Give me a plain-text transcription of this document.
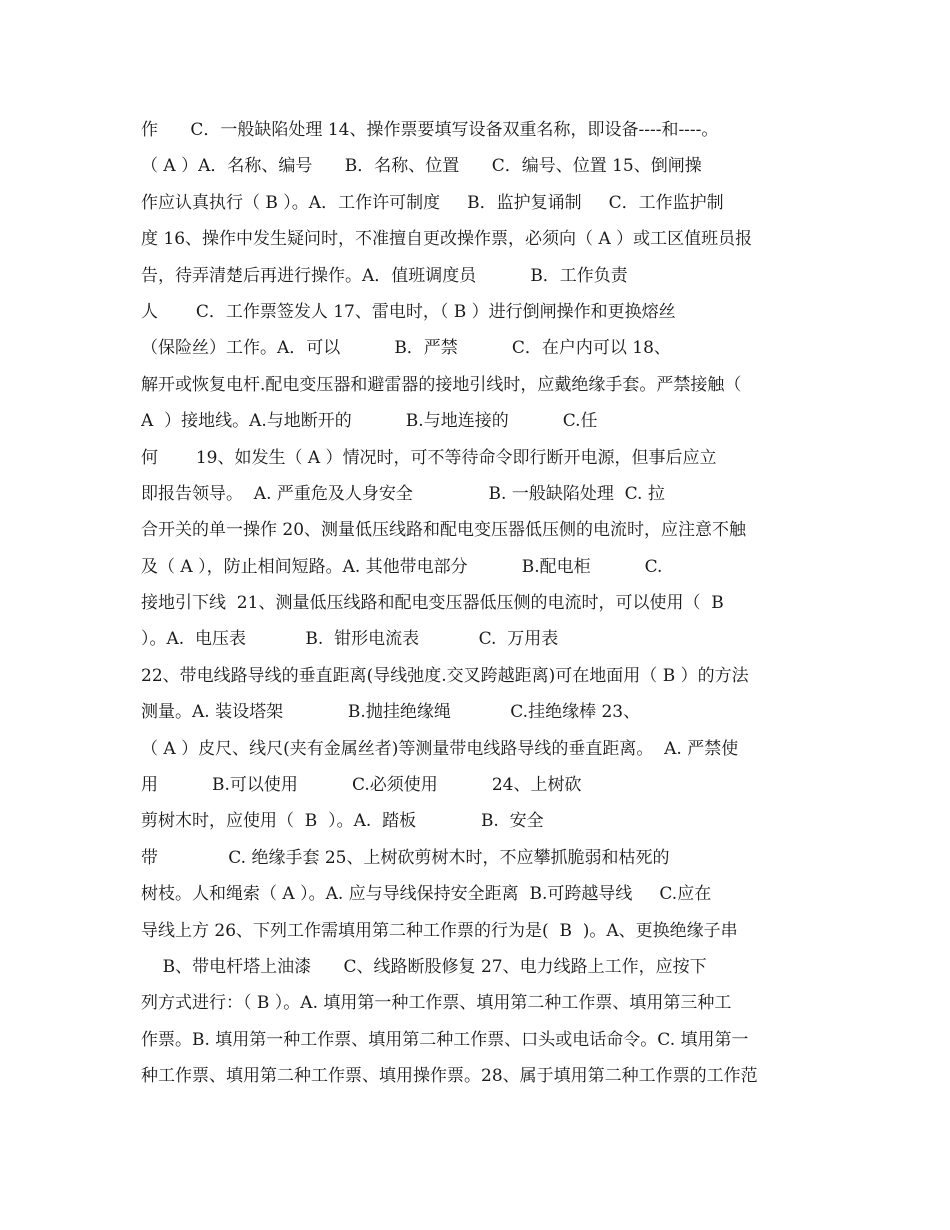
作      C．一般缺陷处理 14、操作票要填写设备双重名称，即设备----和----。
（ A ）A．名称、编号      B．名称、位置      C．编号、位置 15、倒闸操
作应认真执行（ B ）。A．工作许可制度     B．监护复诵制     C．工作监护制
度 16、操作中发生疑问时，不准擅自更改操作票，必须向（ A ）或工区值班员报
告，待弄清楚后再进行操作。A．值班调度员          B．工作负责
人       C．工作票签发人 17、雷电时，（ B ）进行倒闸操作和更换熔丝
（保险丝）工作。A．可以          B．严禁          C．在户内可以 18、
解开或恢复电杆.配电变压器和避雷器的接地引线时，应戴绝缘手套。严禁接触（
A  ）接地线。A.与地断开的          B.与地连接的          C.任
何       19、如发生（ A ）情况时，可不等待命令即行断开电源，但事后应立
即报告领导。  A. 严重危及人身安全              B. 一般缺陷处理  C. 拉
合开关的单一操作 20、测量低压线路和配电变压器低压侧的电流时，应注意不触
及（ A ），防止相间短路。A. 其他带电部分          B.配电柜          C.
接地引下线  21、测量低压线路和配电变压器低压侧的电流时，可以使用（  B
）。A.  电压表           B.  钳形电流表           C.  万用表
22、带电线路导线的垂直距离(导线弛度.交叉跨越距离)可在地面用（ B ）的方法
测量。A. 装设塔架            B.抛挂绝缘绳           C.挂绝缘棒 23、
（ A ）皮尺、线尺(夹有金属丝者)等测量带电线路导线的垂直距离。  A. 严禁使
用          B.可以使用          C.必须使用          24、上树砍
剪树木时，应使用（  B  ）。A.  踏板            B.  安全
带             C. 绝缘手套 25、上树砍剪树木时，不应攀抓脆弱和枯死的
树枝。人和绳索（ A ）。A. 应与导线保持安全距离  B.可跨越导线     C.应在
导线上方 26、下列工作需填用第二种工作票的行为是(  B  )。A、更换绝缘子串
B、带电杆塔上油漆      C、线路断股修复 27、电力线路上工作，应按下
列方式进行：（ B ）。A. 填用第一种工作票、填用第二种工作票、填用第三种工
作票。B. 填用第一种工作票、填用第二种工作票、口头或电话命令。C. 填用第一
种工作票、填用第二种工作票、填用操作票。28、属于填用第二种工作票的工作范
